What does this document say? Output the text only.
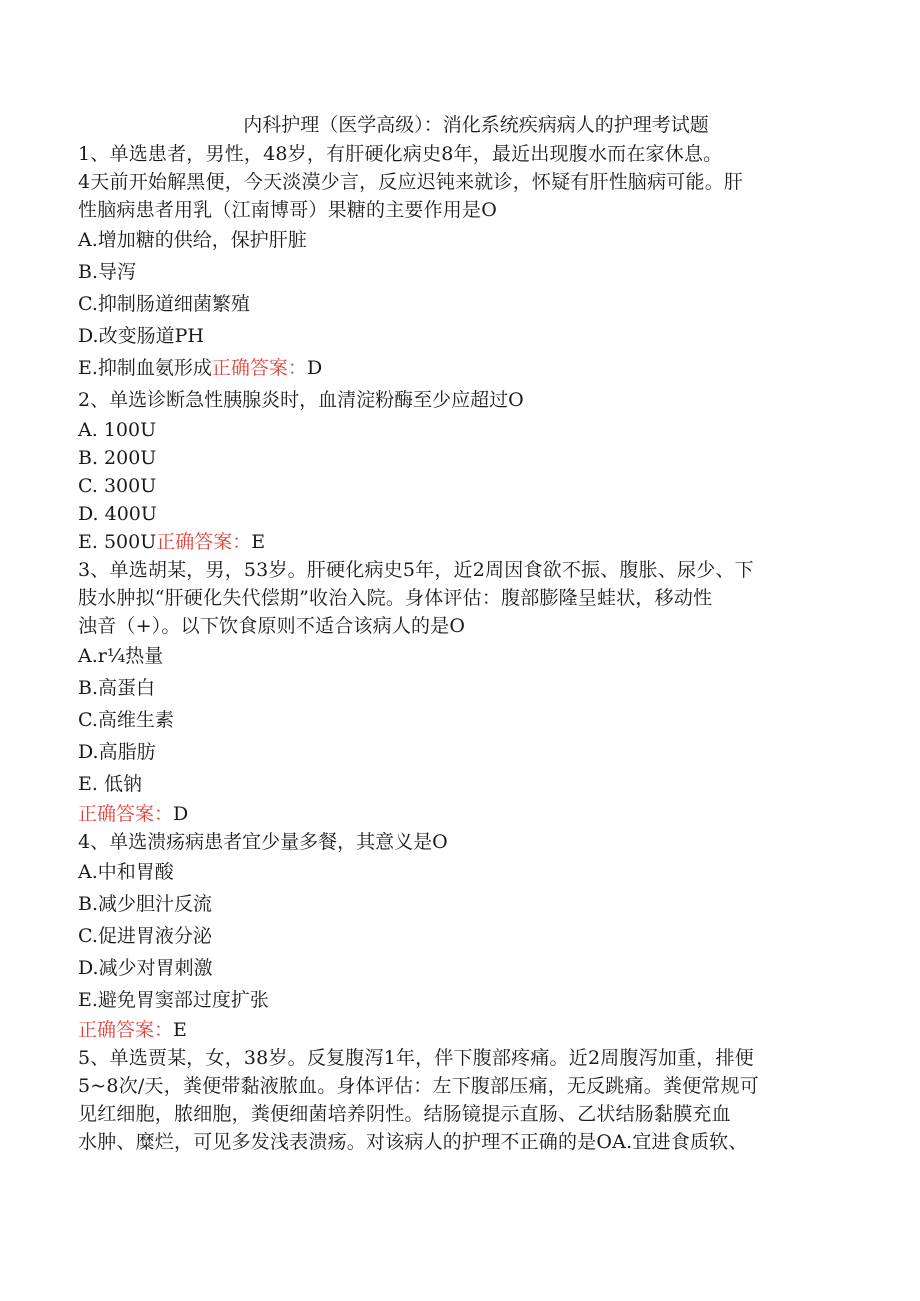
内科护理（医学高级）：消化系统疾病病人的护理考试题

1、单选患者，男性，48岁，有肝硬化病史8年，最近出现腹水而在家休息。

4天前开始解黑便，今天淡漠少言，反应迟钝来就诊，怀疑有肝性脑病可能。肝

性脑病患者用乳（江南博哥）果糖的主要作用是O

A.增加糖的供给，保护肝脏

B.导泻

C.抑制肠道细菌繁殖

D.改变肠道PH

E.抑制血氨形成正确答案：D

2、单选诊断急性胰腺炎时，血清淀粉酶至少应超过O

A. 100U

B. 200U

C. 300U

D. 400U

E. 500U正确答案：E

3、单选胡某，男，53岁。肝硬化病史5年，近2周因食欲不振、腹胀、尿少、下

肢水肿拟“肝硬化失代偿期”收治入院。身体评估：腹部膨隆呈蛙状，移动性

浊音（+）。以下饮食原则不适合该病人的是O

A.r¼热量

B.高蛋白

C.高维生素

D.高脂肪

E. 低钠

正确答案：D

4、单选溃疡病患者宜少量多餐，其意义是O

A.中和胃酸

B.减少胆汁反流

C.促进胃液分泌

D.减少对胃刺激

E.避免胃窦部过度扩张

正确答案：E

5、单选贾某，女，38岁。反复腹泻1年，伴下腹部疼痛。近2周腹泻加重，排便

5~8次/天，粪便带黏液脓血。身体评估：左下腹部压痛，无反跳痛。粪便常规可

见红细胞，脓细胞，粪便细菌培养阴性。结肠镜提示直肠、乙状结肠黏膜充血

水肿、糜烂，可见多发浅表溃疡。对该病人的护理不正确的是OA.宜进食质软、
